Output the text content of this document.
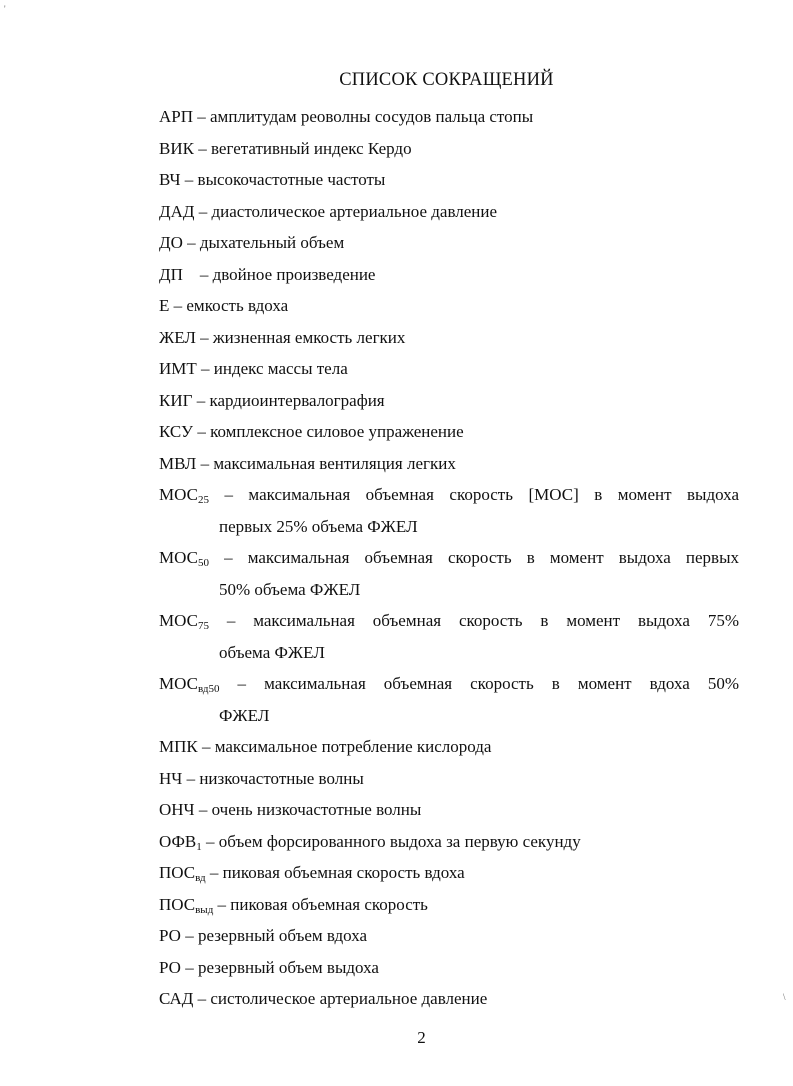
СПИСОК СОКРАЩЕНИЙ
АРП – амплитудам реоволны сосудов пальца стопы
ВИК – вегетативный индекс Кердо
ВЧ – высокочастотные частоты
ДАД – диастолическое артериальное давление
ДО – дыхательный объем
ДП    – двойное произведение
Е – емкость вдоха
ЖЕЛ – жизненная емкость легких
ИМТ – индекс массы тела
КИГ – кардиоинтервалография
КСУ – комплексное силовое упраженение
МВЛ – максимальная вентиляция легких
$МОС_{25}$ – максимальная объемная скорость [МОС] в момент выдоха
первых 25% объема ФЖЕЛ
$МОС_{50}$ – максимальная объемная скорость в момент выдоха первых
50% объема ФЖЕЛ
$МОС_{75}$ – максимальная объемная скорость в момент выдоха 75%
объема ФЖЕЛ
$МОС_{вд50}$ – максимальная объемная скорость в момент вдоха 50%
ФЖЕЛ
МПК – максимальное потребление кислорода
НЧ – низкочастотные волны
ОНЧ – очень низкочастотные волны
$ОФВ_1$ – объем форсированного выдоха за первую секунду
$ПОС_{вд}$ – пиковая объемная скорость вдоха
$ПОС_{выд}$ – пиковая объемная скорость
РО – резервный объем вдоха
РО – резервный объем выдоха
САД – систолическое артериальное давление
2
'
\
